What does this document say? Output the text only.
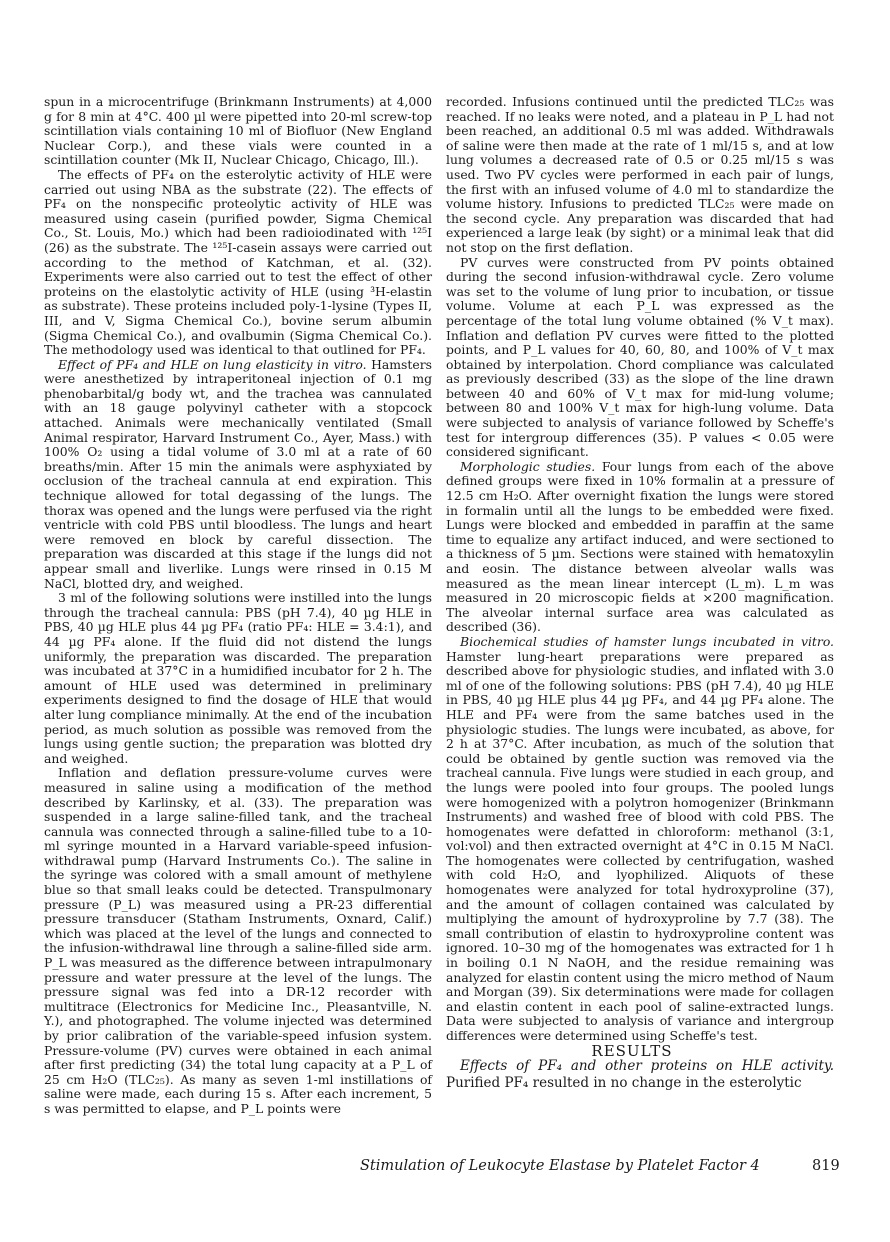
spun in a microcentrifuge (Brinkmann Instruments) at 4,000 g for 8 min at 4°C. 400 µl were pipetted into 20-ml screw-top scintillation vials containing 10 ml of Biofluor (New England Nuclear Corp.), and these vials were counted in a scintillation counter (Mk II, Nuclear Chicago, Chicago, Ill.).

The effects of PF₄ on the esterolytic activity of HLE were carried out using NBA as the substrate (22). The effects of PF₄ on the nonspecific proteolytic activity of HLE was measured using casein (purified powder, Sigma Chemical Co., St. Louis, Mo.) which had been radioiodinated with ¹²⁵I (26) as the substrate. The ¹²⁵I-casein assays were carried out according to the method of Katchman, et al. (32). Experiments were also carried out to test the effect of other proteins on the elastolytic activity of HLE (using ³H-elastin as substrate). These proteins included poly-1-lysine (Types II, III, and V, Sigma Chemical Co.), bovine serum albumin (Sigma Chemical Co.), and ovalbumin (Sigma Chemical Co.). The methodology used was identical to that outlined for PF₄.

Effect of PF₄ and HLE on lung elasticity in vitro. Hamsters were anesthetized by intraperitoneal injection of 0.1 mg phenobarbital/g body wt, and the trachea was cannulated with an 18 gauge polyvinyl catheter with a stopcock attached. Animals were mechanically ventilated (Small Animal respirator, Harvard Instrument Co., Ayer, Mass.) with 100% O₂ using a tidal volume of 3.0 ml at a rate of 60 breaths/min. After 15 min the animals were asphyxiated by occlusion of the tracheal cannula at end expiration. This technique allowed for total degassing of the lungs. The thorax was opened and the lungs were perfused via the right ventricle with cold PBS until bloodless. The lungs and heart were removed en block by careful dissection. The preparation was discarded at this stage if the lungs did not appear small and liverlike. Lungs were rinsed in 0.15 M NaCl, blotted dry, and weighed.

3 ml of the following solutions were instilled into the lungs through the tracheal cannula: PBS (pH 7.4), 40 µg HLE in PBS, 40 µg HLE plus 44 µg PF₄ (ratio PF₄: HLE = 3.4:1), and 44 µg PF₄ alone. If the fluid did not distend the lungs uniformly, the preparation was discarded. The preparation was incubated at 37°C in a humidified incubator for 2 h. The amount of HLE used was determined in preliminary experiments designed to find the dosage of HLE that would alter lung compliance minimally. At the end of the incubation period, as much solution as possible was removed from the lungs using gentle suction; the preparation was blotted dry and weighed.

Inflation and deflation pressure-volume curves were measured in saline using a modification of the method described by Karlinsky, et al. (33). The preparation was suspended in a large saline-filled tank, and the tracheal cannula was connected through a saline-filled tube to a 10-ml syringe mounted in a Harvard variable-speed infusion-withdrawal pump (Harvard Instruments Co.). The saline in the syringe was colored with a small amount of methylene blue so that small leaks could be detected. Transpulmonary pressure (P_L) was measured using a PR-23 differential pressure transducer (Statham Instruments, Oxnard, Calif.) which was placed at the level of the lungs and connected to the infusion-withdrawal line through a saline-filled side arm. P_L was measured as the difference between intrapulmonary pressure and water pressure at the level of the lungs. The pressure signal was fed into a DR-12 recorder with multitrace (Electronics for Medicine Inc., Pleasantville, N. Y.), and photographed. The volume injected was determined by prior calibration of the variable-speed infusion system. Pressure-volume (PV) curves were obtained in each animal after first predicting (34) the total lung capacity at a P_L of 25 cm H₂O (TLC₂₅). As many as seven 1-ml instillations of saline were made, each during 15 s. After each increment, 5 s was permitted to elapse, and P_L points were

recorded. Infusions continued until the predicted TLC₂₅ was reached. If no leaks were noted, and a plateau in P_L had not been reached, an additional 0.5 ml was added. Withdrawals of saline were then made at the rate of 1 ml/15 s, and at low lung volumes a decreased rate of 0.5 or 0.25 ml/15 s was used. Two PV cycles were performed in each pair of lungs, the first with an infused volume of 4.0 ml to standardize the volume history. Infusions to predicted TLC₂₅ were made on the second cycle. Any preparation was discarded that had experienced a large leak (by sight) or a minimal leak that did not stop on the first deflation.

PV curves were constructed from PV points obtained during the second infusion-withdrawal cycle. Zero volume was set to the volume of lung prior to incubation, or tissue volume. Volume at each P_L was expressed as the percentage of the total lung volume obtained (% V_t max). Inflation and deflation PV curves were fitted to the plotted points, and P_L values for 40, 60, 80, and 100% of V_t max obtained by interpolation. Chord compliance was calculated as previously described (33) as the slope of the line drawn between 40 and 60% of V_t max for mid-lung volume; between 80 and 100% V_t max for high-lung volume. Data were subjected to analysis of variance followed by Scheffe's test for intergroup differences (35). P values < 0.05 were considered significant.

Morphologic studies. Four lungs from each of the above defined groups were fixed in 10% formalin at a pressure of 12.5 cm H₂O. After overnight fixation the lungs were stored in formalin until all the lungs to be embedded were fixed. Lungs were blocked and embedded in paraffin at the same time to equalize any artifact induced, and were sectioned to a thickness of 5 µm. Sections were stained with hematoxylin and eosin. The distance between alveolar walls was measured as the mean linear intercept (L_m). L_m was measured in 20 microscopic fields at ×200 magnification. The alveolar internal surface area was calculated as described (36).

Biochemical studies of hamster lungs incubated in vitro. Hamster lung-heart preparations were prepared as described above for physiologic studies, and inflated with 3.0 ml of one of the following solutions: PBS (pH 7.4), 40 µg HLE in PBS, 40 µg HLE plus 44 µg PF₄, and 44 µg PF₄ alone. The HLE and PF₄ were from the same batches used in the physiologic studies. The lungs were incubated, as above, for 2 h at 37°C. After incubation, as much of the solution that could be obtained by gentle suction was removed via the tracheal cannula. Five lungs were studied in each group, and the lungs were pooled into four groups. The pooled lungs were homogenized with a polytron homogenizer (Brinkmann Instruments) and washed free of blood with cold PBS. The homogenates were defatted in chloroform: methanol (3:1, vol:vol) and then extracted overnight at 4°C in 0.15 M NaCl. The homogenates were collected by centrifugation, washed with cold H₂O, and lyophilized. Aliquots of these homogenates were analyzed for total hydroxyproline (37), and the amount of collagen contained was calculated by multiplying the amount of hydroxyproline by 7.7 (38). The small contribution of elastin to hydroxyproline content was ignored. 10–30 mg of the homogenates was extracted for 1 h in boiling 0.1 N NaOH, and the residue remaining was analyzed for elastin content using the micro method of Naum and Morgan (39). Six determinations were made for collagen and elastin content in each pool of saline-extracted lungs. Data were subjected to analysis of variance and intergroup differences were determined using Scheffe's test.

RESULTS

Effects of PF₄ and other proteins on HLE activity. Purified PF₄ resulted in no change in the esterolytic

Stimulation of Leukocyte Elastase by Platelet Factor 4	819
